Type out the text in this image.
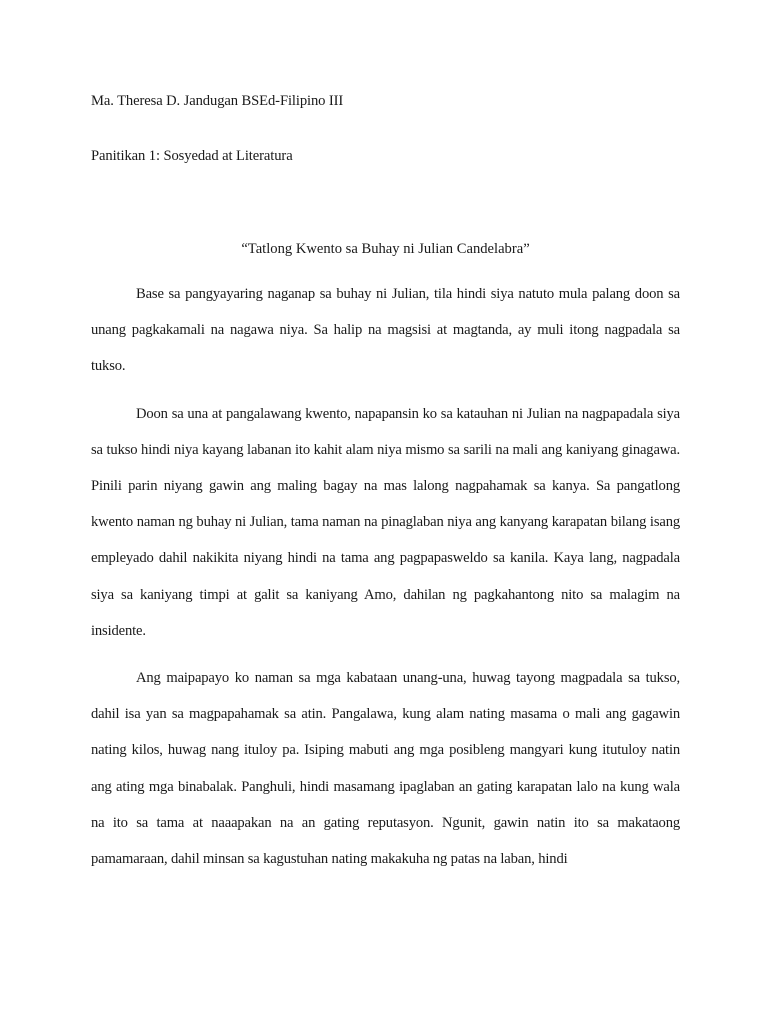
Ma. Theresa D. Jandugan BSEd-Filipino III

Panitikan 1: Sosyedad at Literatura

“Tatlong Kwento sa Buhay ni Julian Candelabra”

Base sa pangyayaring naganap sa buhay ni Julian, tila hindi siya natuto mula palang doon sa unang pagkakamali na nagawa niya. Sa halip na magsisi at magtanda, ay muli itong nagpadala sa tukso.

Doon sa una at pangalawang kwento, napapansin ko sa katauhan ni Julian na nagpapadala siya sa tukso hindi niya kayang labanan ito kahit alam niya mismo sa sarili na mali ang kaniyang ginagawa. Pinili parin niyang gawin ang maling bagay na mas lalong nagpahamak sa kanya. Sa pangatlong kwento naman ng buhay ni Julian, tama naman na pinaglaban niya ang kanyang karapatan bilang isang empleyado dahil nakikita niyang hindi na tama ang pagpapasweldo sa kanila. Kaya lang, nagpadala siya sa kaniyang timpi at galit sa kaniyang Amo, dahilan ng pagkahantong nito sa malagim na insidente.

Ang maipapayo ko naman sa mga kabataan unang-una, huwag tayong magpadala sa tukso, dahil isa yan sa magpapahamak sa atin. Pangalawa, kung alam nating masama o mali ang gagawin nating kilos, huwag nang ituloy pa. Isiping mabuti ang mga posibleng mangyari kung itutuloy natin ang ating mga binabalak. Panghuli, hindi masamang ipaglaban an gating karapatan lalo na kung wala na ito sa tama at naaapakan na an gating reputasyon. Ngunit, gawin natin ito sa makataong pamamaraan, dahil minsan sa kagustuhan nating makakuha ng patas na laban, hindi
